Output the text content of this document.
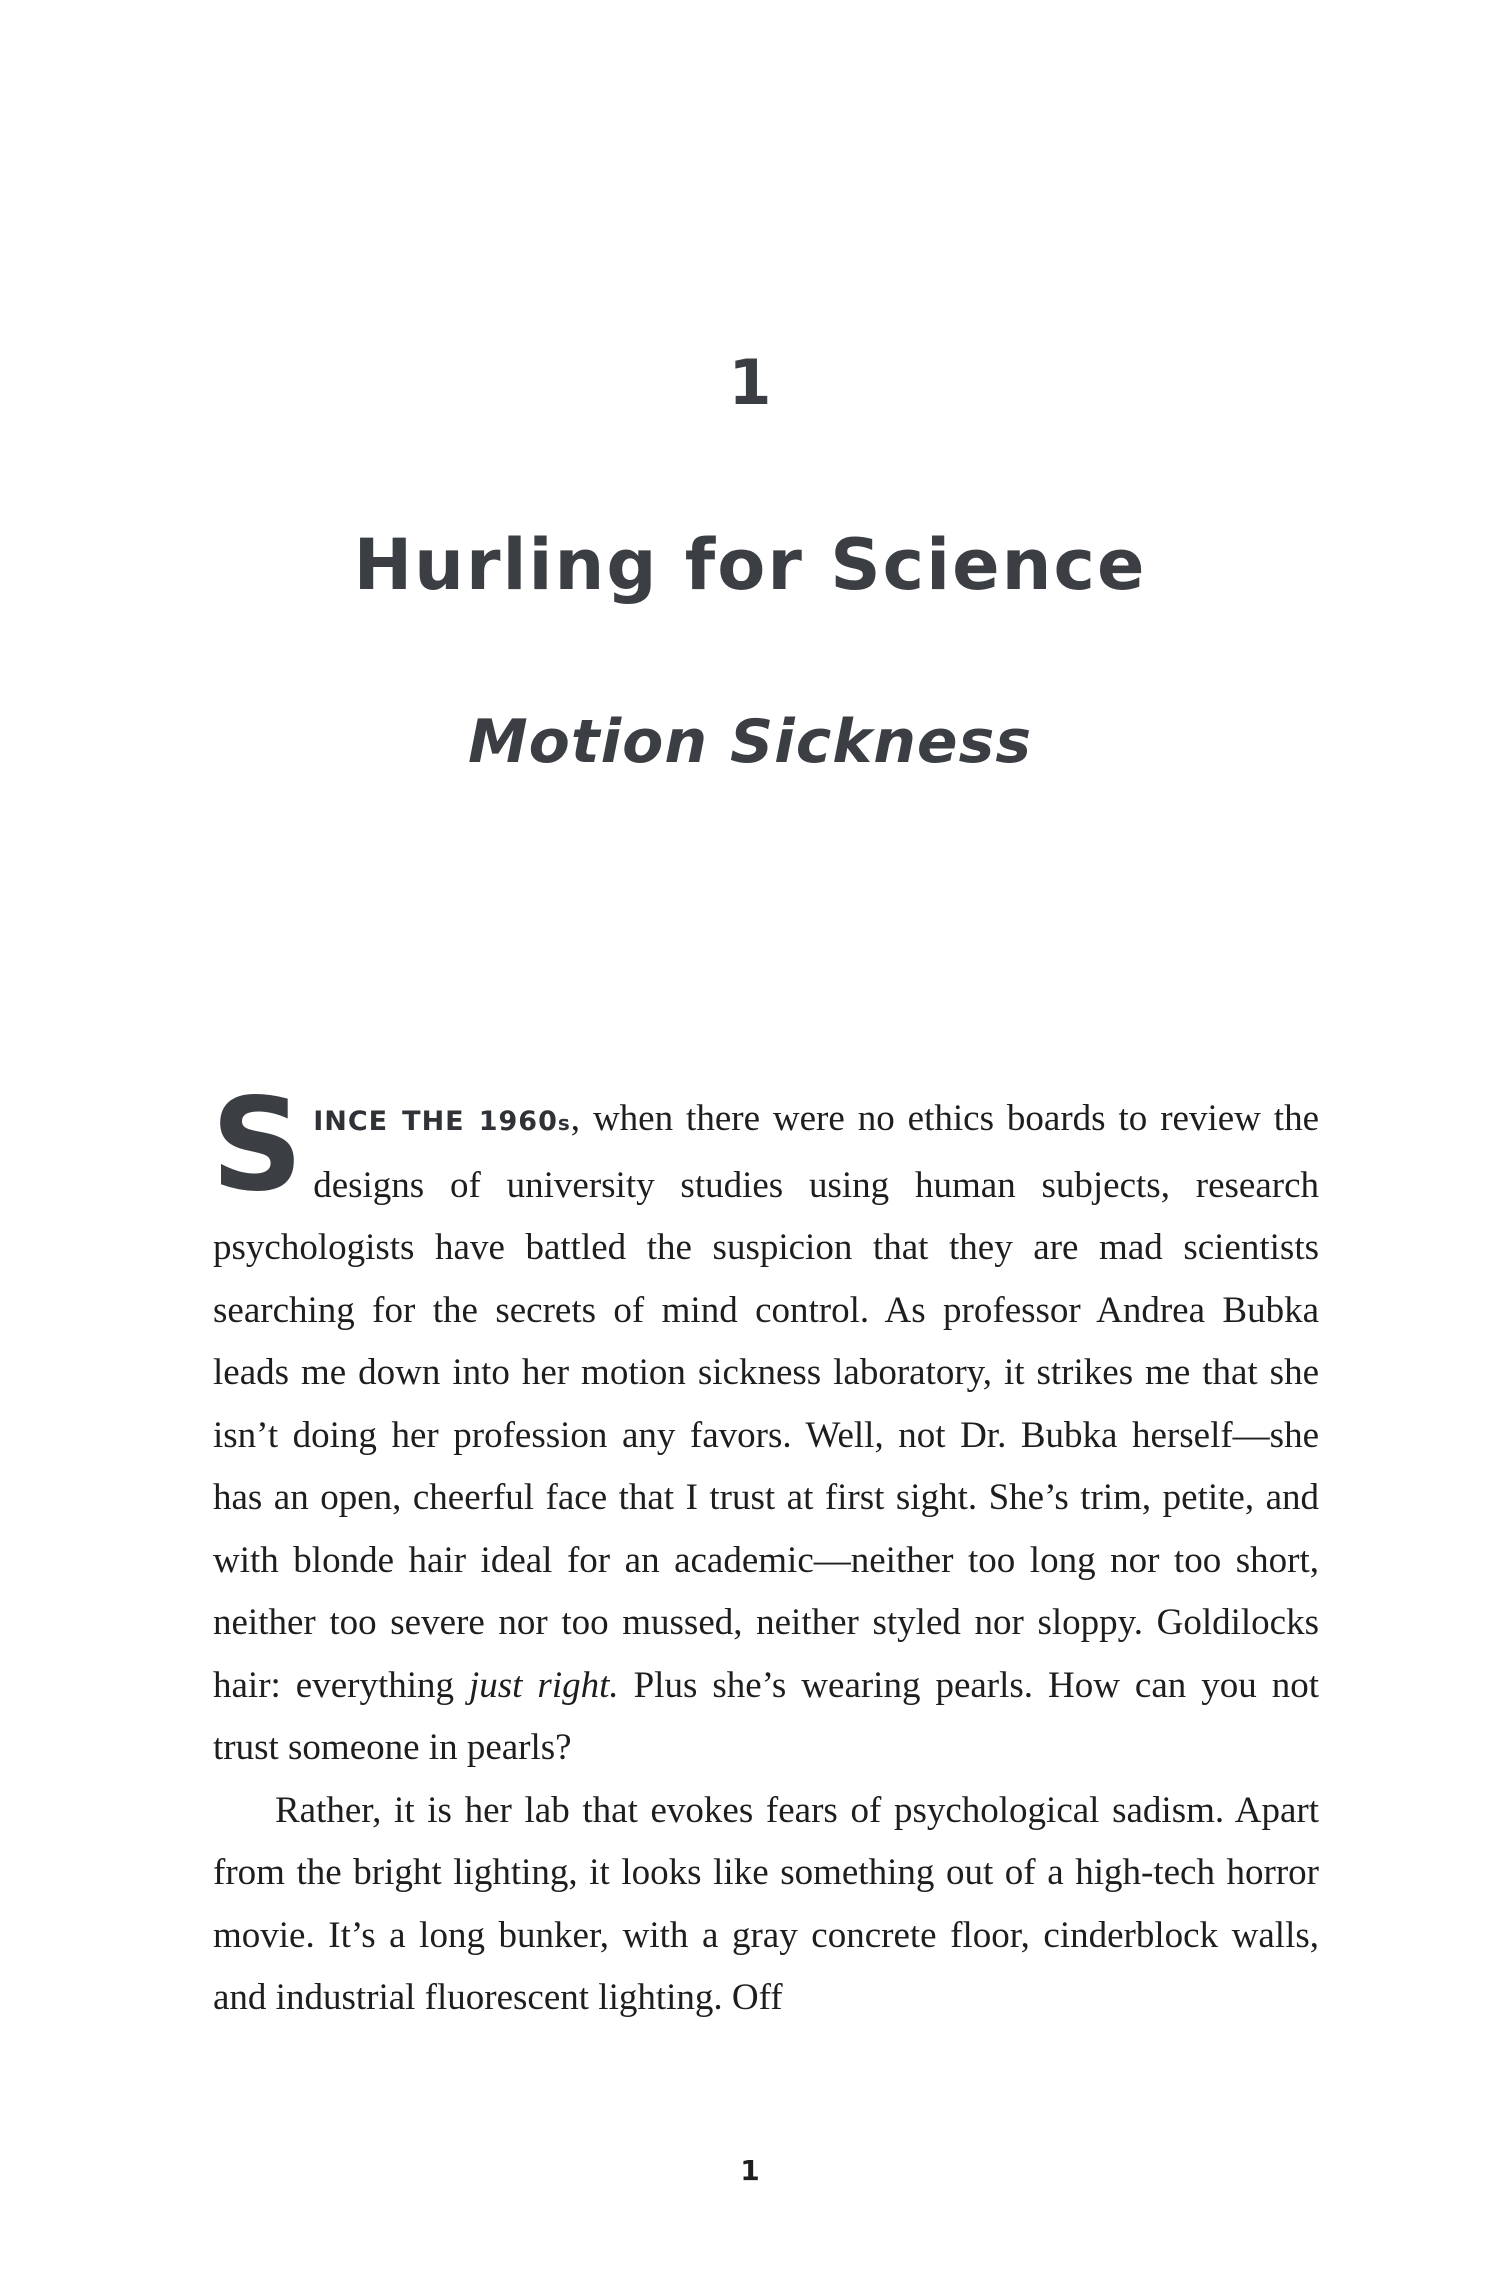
1
Hurling for Science
Motion Sickness

SINCE THE 1960s, when there were no ethics boards to review the designs of university studies using human subjects, research psychologists have battled the suspicion that they are mad scientists searching for the secrets of mind control. As professor Andrea Bubka leads me down into her motion sickness laboratory, it strikes me that she isn’t doing her profession any favors. Well, not Dr. Bubka herself—she has an open, cheerful face that I trust at first sight. She’s trim, petite, and with blonde hair ideal for an academic—neither too long nor too short, neither too severe nor too mussed, neither styled nor sloppy. Goldilocks hair: everything just right. Plus she’s wearing pearls. How can you not trust someone in pearls?

Rather, it is her lab that evokes fears of psychological sadism. Apart from the bright lighting, it looks like something out of a high-tech horror movie. It’s a long bunker, with a gray concrete floor, cinderblock walls, and industrial fluorescent lighting. Off

1
